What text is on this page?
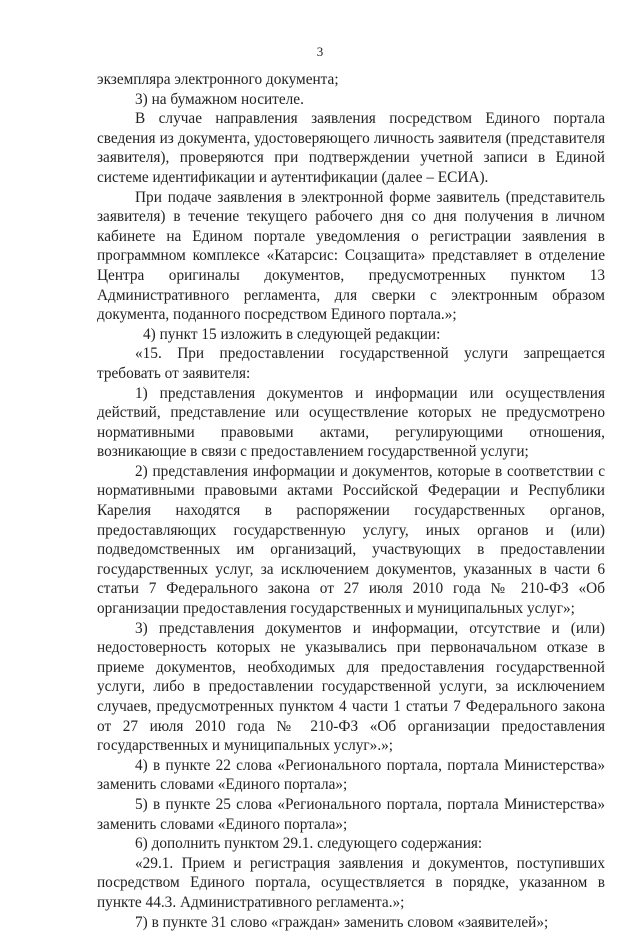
3
экземпляра электронного документа;
3) на бумажном носителе.
В случае направления заявления посредством Единого портала
сведения из документа, удостоверяющего личность заявителя (представителя
заявителя), проверяются при подтверждении учетной записи в Единой
системе идентификации и аутентификации (далее – ЕСИА).
При подаче заявления в электронной форме заявитель (представитель
заявителя) в течение текущего рабочего дня со дня получения в личном
кабинете на Едином портале уведомления о регистрации заявления в
программном комплексе «Катарсис: Соцзащита» представляет в отделение
Центра оригиналы документов, предусмотренных пунктом 13
Административного регламента, для сверки с электронным образом
документа, поданного посредством Единого портала.»;
4) пункт 15 изложить в следующей редакции:
«15. При предоставлении государственной услуги запрещается
требовать от заявителя:
1) представления документов и информации или осуществления
действий, представление или осуществление которых не предусмотрено
нормативными правовыми актами, регулирующими отношения,
возникающие в связи с предоставлением государственной услуги;
2) представления информации и документов, которые в соответствии с
нормативными правовыми актами Российской Федерации и Республики
Карелия находятся в распоряжении государственных органов,
предоставляющих государственную услугу, иных органов и (или)
подведомственных им организаций, участвующих в предоставлении
государственных услуг, за исключением документов, указанных в части 6
статьи 7 Федерального закона от 27 июля 2010 года № 210-ФЗ «Об
организации предоставления государственных и муниципальных услуг»;
3) представления документов и информации, отсутствие и (или)
недостоверность которых не указывались при первоначальном отказе в
приеме документов, необходимых для предоставления государственной
услуги, либо в предоставлении государственной услуги, за исключением
случаев, предусмотренных пунктом 4 части 1 статьи 7 Федерального закона
от 27 июля 2010 года № 210-ФЗ «Об организации предоставления
государственных и муниципальных услуг».»;
4) в пункте 22 слова «Регионального портала, портала Министерства»
заменить словами «Единого портала»;
5) в пункте 25 слова «Регионального портала, портала Министерства»
заменить словами «Единого портала»;
6) дополнить пунктом 29.1. следующего содержания:
«29.1. Прием и регистрация заявления и документов, поступивших
посредством Единого портала, осуществляется в порядке, указанном в
пункте 44.3. Административного регламента.»;
7) в пункте 31 слово «граждан» заменить словом «заявителей»;
